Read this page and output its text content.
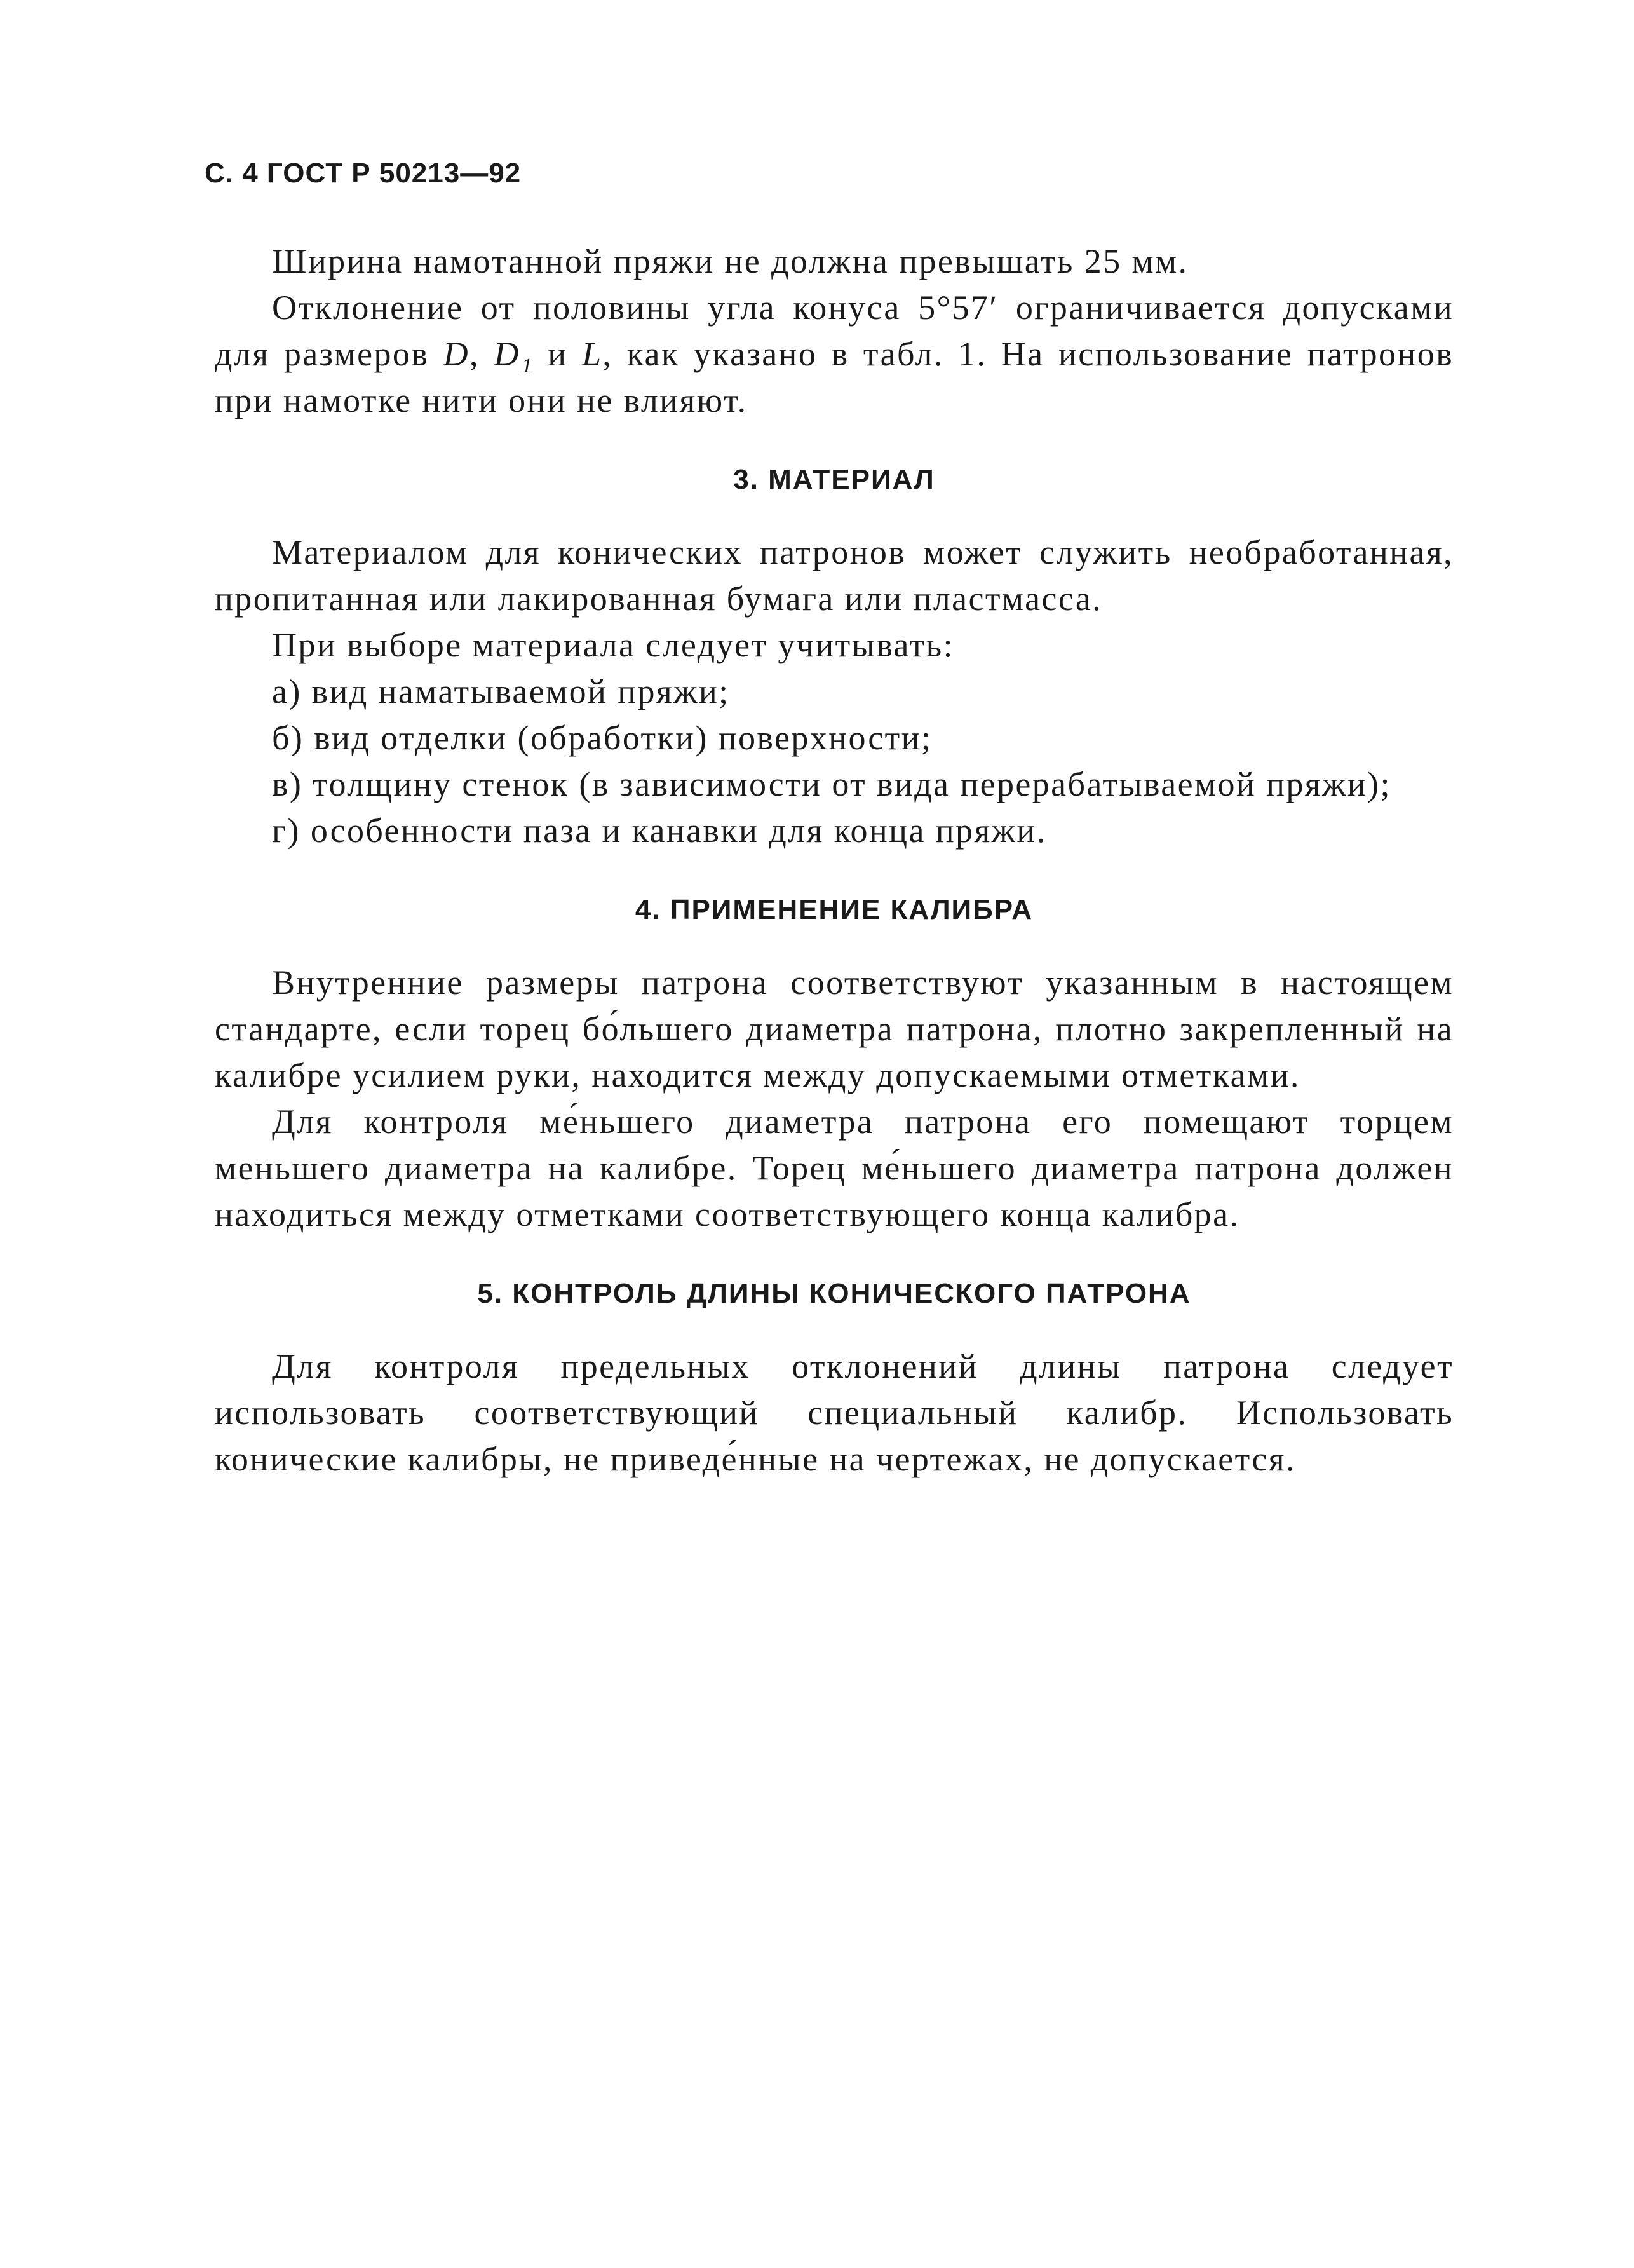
С. 4 ГОСТ Р 50213—92

Ширина намотанной пряжи не должна превышать 25 мм.

Отклонение от половины угла конуса 5°57′ ограничивается допусками для размеров D, D₁ и L, как указано в табл. 1. На использование патронов при намотке нити они не влияют.

3. МАТЕРИАЛ

Материалом для конических патронов может служить необработанная, пропитанная или лакированная бумага или пластмасса.

При выборе материала следует учитывать:

а) вид наматываемой пряжи;

б) вид отделки (обработки) поверхности;

в) толщину стенок (в зависимости от вида перерабатываемой пряжи);

г) особенности паза и канавки для конца пряжи.

4. ПРИМЕНЕНИЕ КАЛИБРА

Внутренние размеры патрона соответствуют указанным в настоящем стандарте, если торец бо́льшего диаметра патрона, плотно закрепленный на калибре усилием руки, находится между допускаемыми отметками.

Для контроля ме́ньшего диаметра патрона его помещают торцем меньшего диаметра на калибре. Торец ме́ньшего диаметра патрона должен находиться между отметками соответствующего конца калибра.

5. КОНТРОЛЬ ДЛИНЫ КОНИЧЕСКОГО ПАТРОНА

Для контроля предельных отклонений длины патрона следует использовать соответствующий специальный калибр. Использовать конические калибры, не приведе́нные на чертежах, не допускается.
